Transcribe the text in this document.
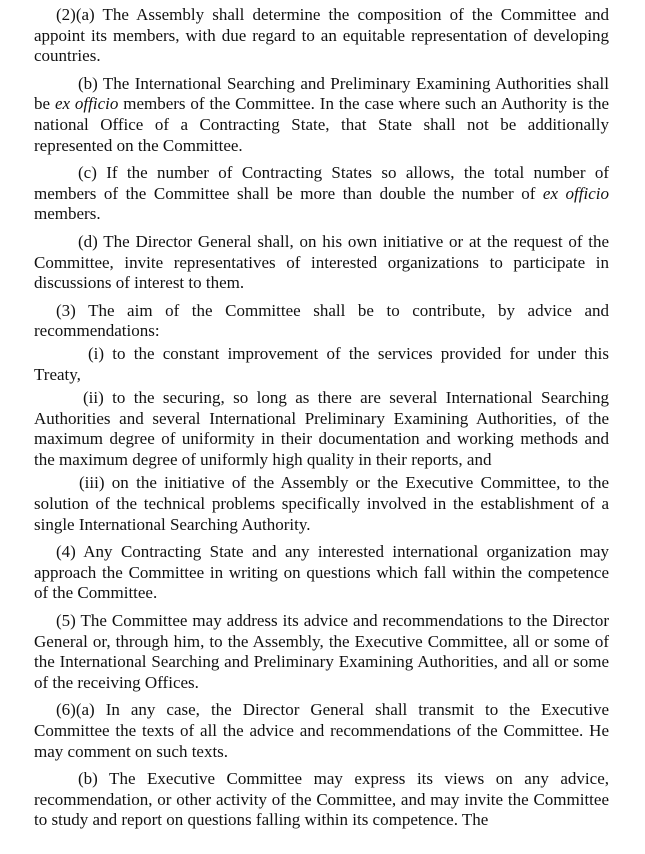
(2)(a) The Assembly shall determine the composition of the Committee and appoint its members, with due regard to an equitable representation of developing countries.

(b) The International Searching and Preliminary Examining Authorities shall be ex officio members of the Committee. In the case where such an Authority is the national Office of a Contracting State, that State shall not be additionally represented on the Committee.

(c) If the number of Contracting States so allows, the total number of members of the Committee shall be more than double the number of ex officio members.

(d) The Director General shall, on his own initiative or at the request of the Committee, invite representatives of interested organizations to participate in discussions of interest to them.

(3) The aim of the Committee shall be to contribute, by advice and recommendations:

(i) to the constant improvement of the services provided for under this Treaty,

(ii) to the securing, so long as there are several International Searching Authorities and several International Preliminary Examining Authorities, of the maximum degree of uniformity in their documentation and working methods and the maximum degree of uniformly high quality in their reports, and

(iii) on the initiative of the Assembly or the Executive Committee, to the solution of the technical problems specifically involved in the establishment of a single International Searching Authority.

(4) Any Contracting State and any interested international organization may approach the Committee in writing on questions which fall within the competence of the Committee.

(5) The Committee may address its advice and recommendations to the Director General or, through him, to the Assembly, the Executive Committee, all or some of the International Searching and Preliminary Examining Authorities, and all or some of the receiving Offices.

(6)(a) In any case, the Director General shall transmit to the Executive Committee the texts of all the advice and recommendations of the Committee. He may comment on such texts.

(b) The Executive Committee may express its views on any advice, recommendation, or other activity of the Committee, and may invite the Committee to study and report on questions falling within its competence. The
